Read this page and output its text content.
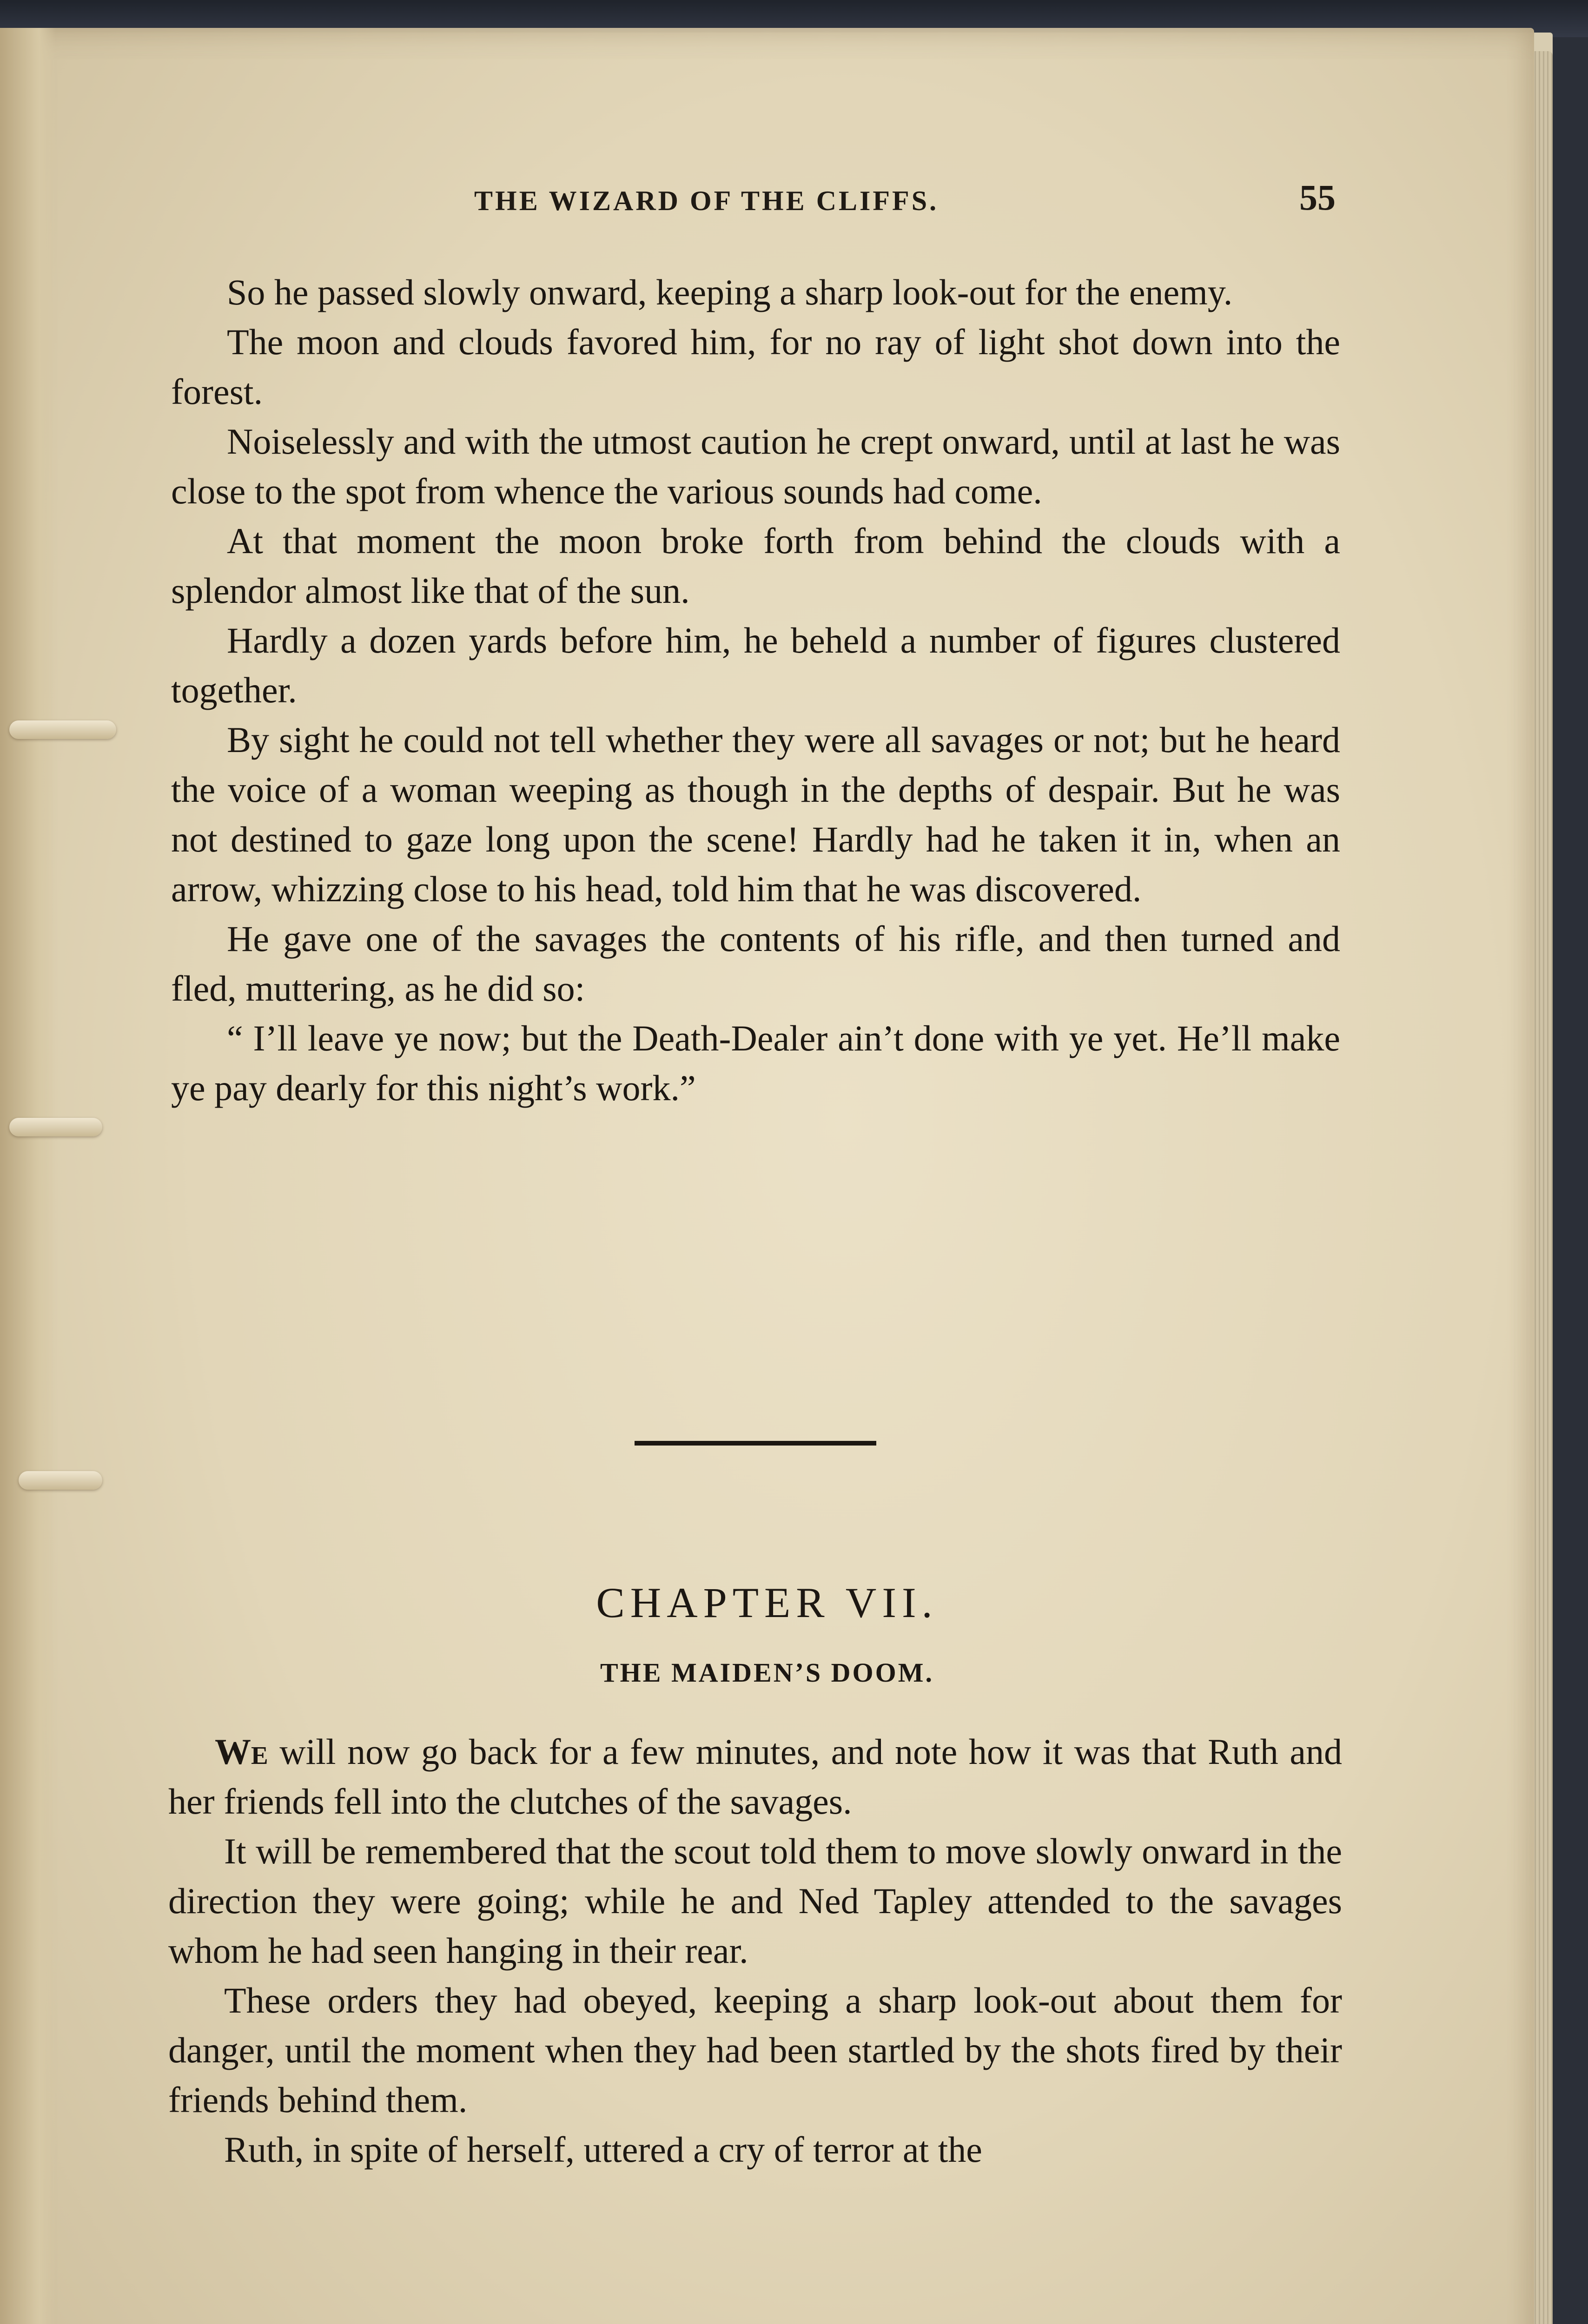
THE WIZARD OF THE CLIFFS.	55

So he passed slowly onward, keeping a sharp look-out for the enemy.

The moon and clouds favored him, for no ray of light shot down into the forest.

Noiselessly and with the utmost caution he crept onward, until at last he was close to the spot from whence the various sounds had come.

At that moment the moon broke forth from behind the clouds with a splendor almost like that of the sun.

Hardly a dozen yards before him, he beheld a number of figures clustered together.

By sight he could not tell whether they were all savages or not; but he heard the voice of a woman weeping as though in the depths of despair. But he was not destined to gaze long upon the scene! Hardly had he taken it in, when an arrow, whizzing close to his head, told him that he was discovered.

He gave one of the savages the contents of his rifle, and then turned and fled, muttering, as he did so:

“ I’ll leave ye now; but the Death-Dealer ain’t done with ye yet. He’ll make ye pay dearly for this night’s work.”

CHAPTER VII.
THE MAIDEN’S DOOM.

We will now go back for a few minutes, and note how it was that Ruth and her friends fell into the clutches of the savages.

It will be remembered that the scout told them to move slowly onward in the direction they were going; while he and Ned Tapley attended to the savages whom he had seen hanging in their rear.

These orders they had obeyed, keeping a sharp look-out about them for danger, until the moment when they had been startled by the shots fired by their friends behind them.

Ruth, in spite of herself, uttered a cry of terror at the
